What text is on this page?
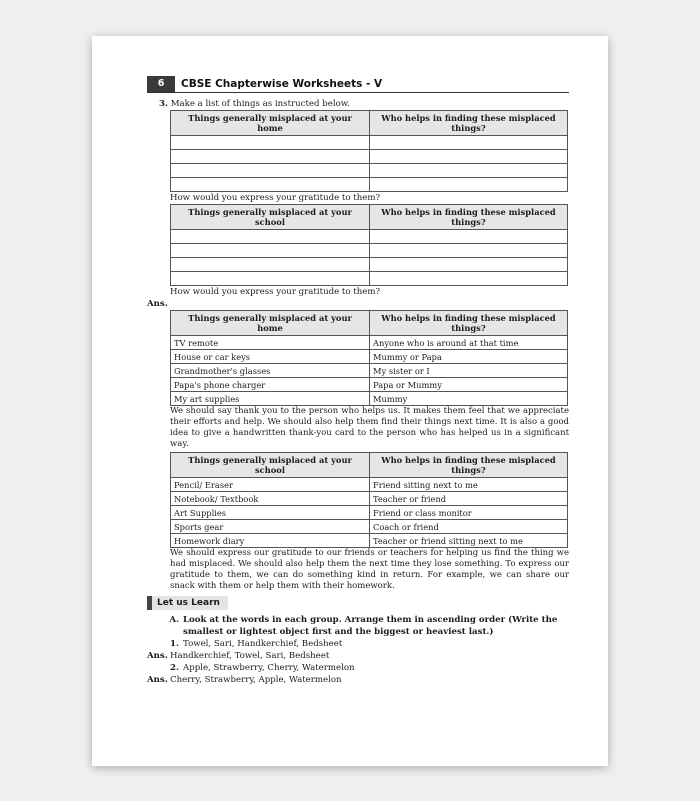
6	CBSE Chapterwise Worksheets - V
3. Make a list of things as instructed below.
Things generally misplaced at your home	Who helps in finding these misplaced things?

How would you express your gratitude to them?
Things generally misplaced at your school	Who helps in finding these misplaced things?

How would you express your gratitude to them?
Ans.
Things generally misplaced at your home	Who helps in finding these misplaced things?
TV remote	Anyone who is around at that time
House or car keys	Mummy or Papa
Grandmother's glasses	My sister or I
Papa's phone charger	Papa or Mummy
My art supplies	Mummy
We should say thank you to the person who helps us. It makes them feel that we appreciate their efforts and help. We should also help them find their things next time. It is also a good idea to give a handwritten thank-you card to the person who has helped us in a significant way.
Things generally misplaced at your school	Who helps in finding these misplaced things?
Pencil/ Eraser	Friend sitting next to me
Notebook/ Textbook	Teacher or friend
Art Supplies	Friend or class monitor
Sports gear	Coach or friend
Homework diary	Teacher or friend sitting next to me
We should express our gratitude to our friends or teachers for helping us find the thing we had misplaced. We should also help them the next time they lose something. To express our gratitude to them, we can do something kind in return. For example, we can share our snack with them or help them with their homework.
Let us Learn
A. Look at the words in each group. Arrange them in ascending order (Write the smallest or lightest object first and the biggest or heaviest last.)
1. Towel, Sari, Handkerchief, Bedsheet
Ans. Handkerchief, Towel, Sari, Bedsheet
2. Apple, Strawberry, Cherry, Watermelon
Ans. Cherry, Strawberry, Apple, Watermelon
